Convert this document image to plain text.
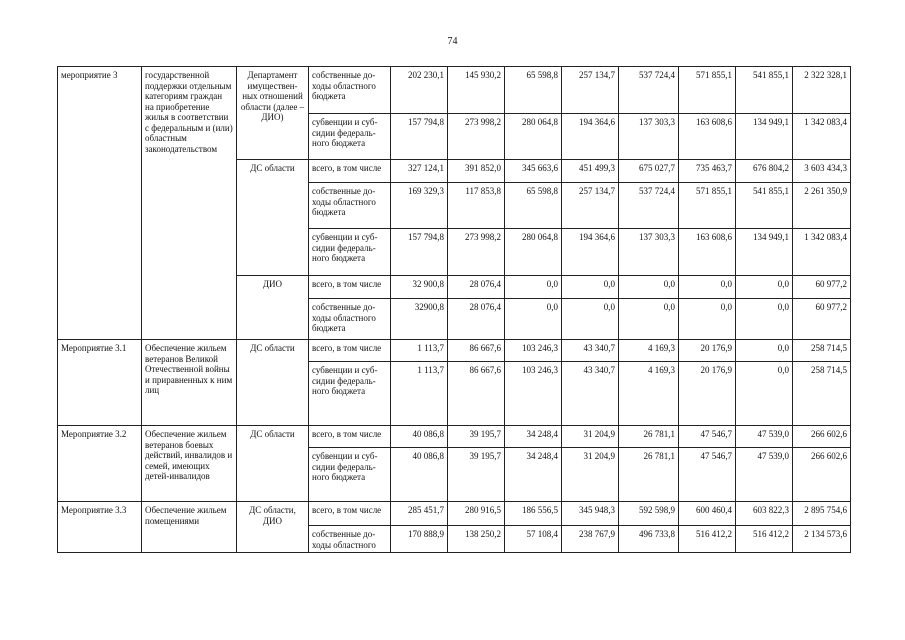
74
мероприятие 3	государственной поддержки отдельным категориям граждан на приобретение жилья в соответствии с федеральным и (или) областным законодательством	Департамент имуществен-ных отношений области (далее – ДИО)	собственные до-ходы областного бюджета	202 230,1	145 930,2	65 598,8	257 134,7	537 724,4	571 855,1	541 855,1	2 322 328,1
			субвенции и суб-сидии федераль-ного бюджета	157 794,8	273 998,2	280 064,8	194 364,6	137 303,3	163 608,6	134 949,1	1 342 083,4
		ДС области	всего, в том числе	327 124,1	391 852,0	345 663,6	451 499,3	675 027,7	735 463,7	676 804,2	3 603 434,3
			собственные до-ходы областного бюджета	169 329,3	117 853,8	65 598,8	257 134,7	537 724,4	571 855,1	541 855,1	2 261 350,9
			субвенции и суб-сидии федераль-ного бюджета	157 794,8	273 998,2	280 064,8	194 364,6	137 303,3	163 608,6	134 949,1	1 342 083,4
		ДИО	всего, в том числе	32 900,8	28 076,4	0,0	0,0	0,0	0,0	0,0	60 977,2
			собственные до-ходы областного бюджета	32900,8	28 076,4	0,0	0,0	0,0	0,0	0,0	60 977,2
Мероприятие 3.1	Обеспечение жильем ветеранов Великой Отечественной войны и приравненных к ним лиц	ДС области	всего, в том числе	1 113,7	86 667,6	103 246,3	43 340,7	4 169,3	20 176,9	0,0	258 714,5
			субвенции и суб-сидии федераль-ного бюджета	1 113,7	86 667,6	103 246,3	43 340,7	4 169,3	20 176,9	0,0	258 714,5
Мероприятие 3.2	Обеспечение жильем ветеранов боевых действий, инвалидов и семей, имеющих детей-инвалидов	ДС области	всего, в том числе	40 086,8	39 195,7	34 248,4	31 204,9	26 781,1	47 546,7	47 539,0	266 602,6
			субвенции и суб-сидии федераль-ного бюджета	40 086,8	39 195,7	34 248,4	31 204,9	26 781,1	47 546,7	47 539,0	266 602,6
Мероприятие 3.3	Обеспечение жильем помещениями	ДС области, ДИО	всего, в том числе	285 451,7	280 916,5	186 556,5	345 948,3	592 598,9	600 460,4	603 822,3	2 895 754,6
			собственные до-ходы областного	170 888,9	138 250,2	57 108,4	238 767,9	496 733,8	516 412,2	516 412,2	2 134 573,6
